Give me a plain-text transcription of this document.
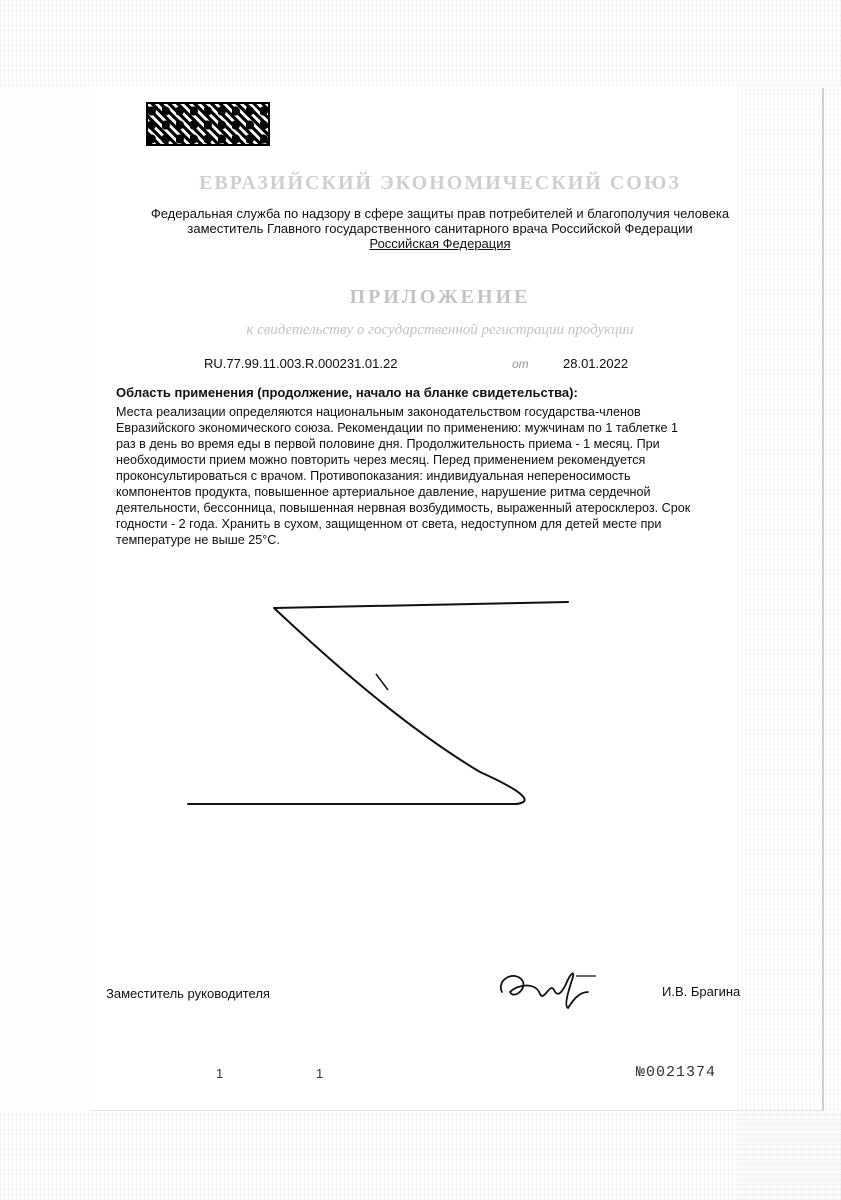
ЕВРАЗИЙСКИЙ ЭКОНОМИЧЕСКИЙ СОЮЗ
Федеральная служба по надзору в сфере защиты прав потребителей и благополучия человека
заместитель Главного государственного санитарного врача Российской Федерации
Российская Федерация
ПРИЛОЖЕНИЕ
к свидетельству о государственной регистрации продукции
RU.77.99.11.003.R.000231.01.22	от	28.01.2022
Область применения (продолжение, начало на бланке свидетельства):
Места реализации определяются национальным законодательством государства-членов
Евразийского экономического союза. Рекомендации по применению: мужчинам по 1 таблетке 1
раз в день во время еды в первой половине дня. Продолжительность приема - 1 месяц. При
необходимости прием можно повторить через месяц. Перед применением рекомендуется
проконсультироваться с врачом. Противопоказания: индивидуальная непереносимость
компонентов продукта, повышенное артериальное давление, нарушение ритма сердечной
деятельности, бессонница, повышенная нервная возбудимость, выраженный атеросклероз. Срок
годности - 2 года. Хранить в сухом, защищенном от света, недоступном для детей месте при
температуре не выше 25°С.
Заместитель руководителя	И.В. Брагина
1	1	№0021374
